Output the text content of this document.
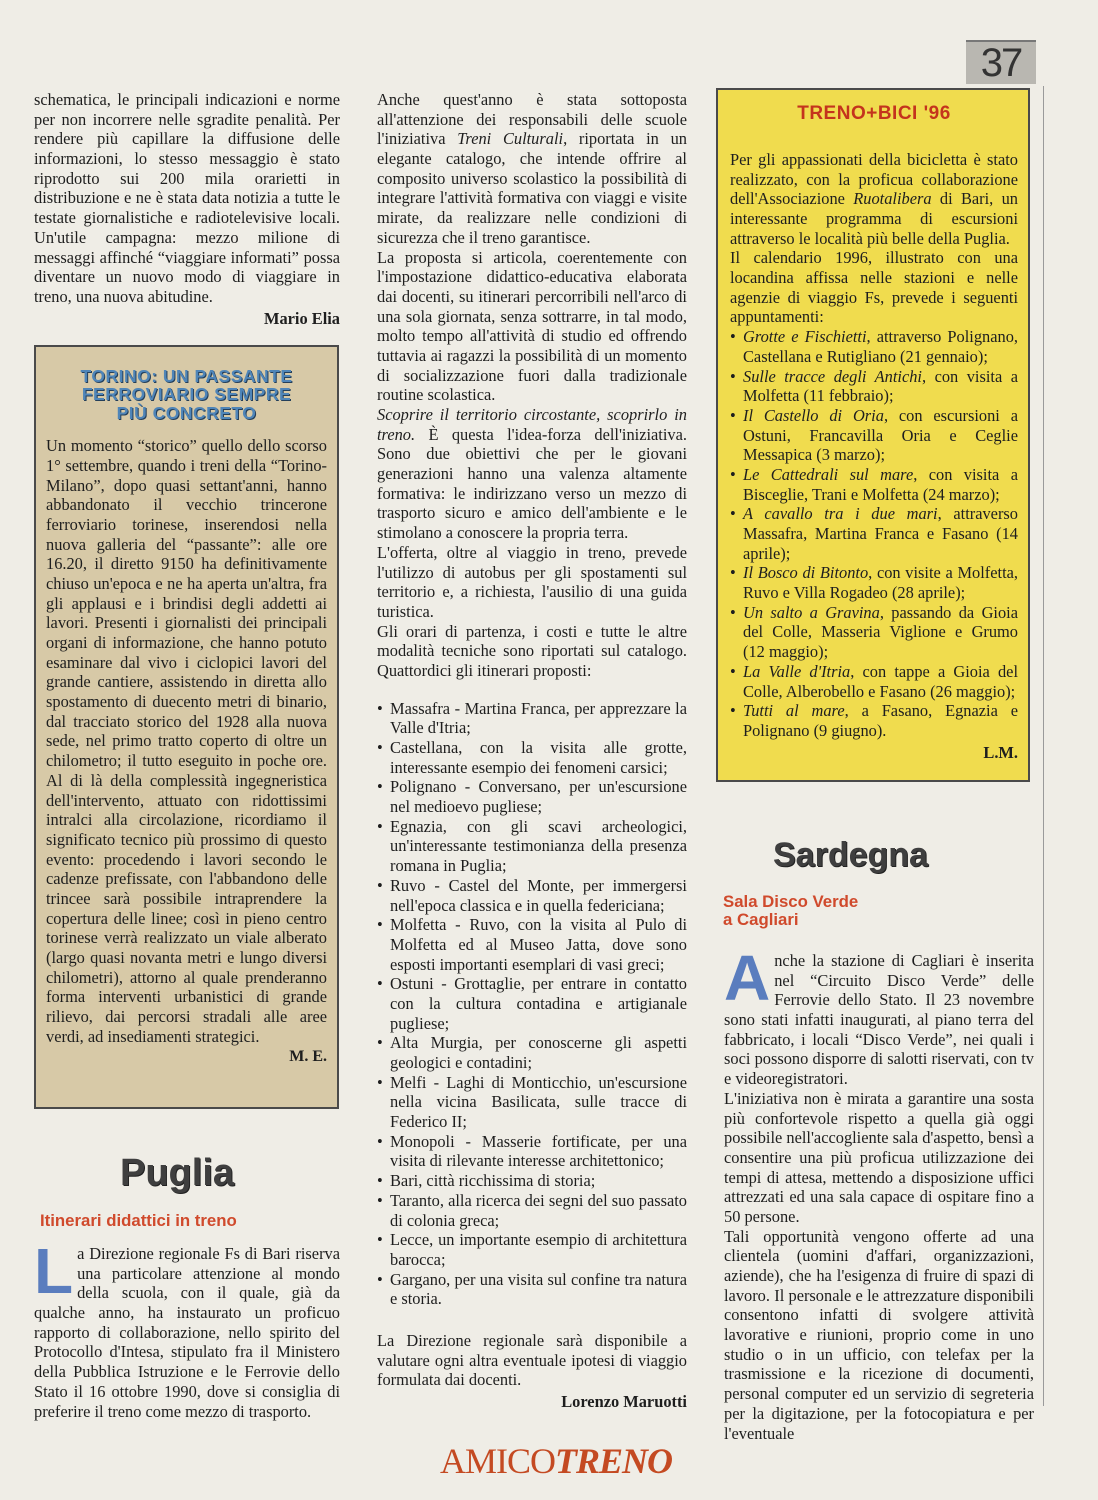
37

schematica, le principali indicazioni e norme per non incorrere nelle sgradite penalità. Per rendere più capillare la diffusione delle informazioni, lo stesso messaggio è stato riprodotto sui 200 mila orarietti in distribuzione e ne è stata data notizia a tutte le testate giornalistiche e radiotelevisive locali. Un'utile campagna: mezzo milione di messaggi affinché “viaggiare informati” possa diventare un nuovo modo di viaggiare in treno, una nuova abitudine.

Mario Elia
TORINO: UN PASSANTE
FERROVIARIO SEMPRE
PIÙ CONCRETO

Un momento “storico” quello dello scorso 1° settembre, quando i treni della “Torino-Milano”, dopo quasi settant'anni, hanno abbandonato il vecchio trincerone ferroviario torinese, inserendosi nella nuova galleria del “passante”: alle ore 16.20, il diretto 9150 ha definitivamente chiuso un'epoca e ne ha aperta un'altra, fra gli applausi e i brindisi degli addetti ai lavori. Presenti i giornalisti dei principali organi di informazione, che hanno potuto esaminare dal vivo i ciclopici lavori del grande cantiere, assistendo in diretta allo spostamento di duecento metri di binario, dal tracciato storico del 1928 alla nuova sede, nel primo tratto coperto di oltre un chilometro; il tutto eseguito in poche ore. Al di là della complessità ingegneristica dell'intervento, attuato con ridottissimi intralci alla circolazione, ricordiamo il significato tecnico più prossimo di questo evento: procedendo i lavori secondo le cadenze prefissate, con l'abbandono delle trincee sarà possibile intraprendere la copertura delle linee; così in pieno centro torinese verrà realizzato un viale alberato (largo quasi novanta metri e lungo diversi chilometri), attorno al quale prenderanno forma interventi urbanistici di grande rilievo, dai percorsi stradali alle aree verdi, ad insediamenti strategici.

M. E.
Puglia
Itinerari didattici in treno

La Direzione regionale Fs di Bari riserva una particolare attenzione al mondo della scuola, con il quale, già da qualche anno, ha instaurato un proficuo rapporto di collaborazione, nello spirito del Protocollo d'Intesa, stipulato fra il Ministero della Pubblica Istruzione e le Ferrovie dello Stato il 16 ottobre 1990, dove si consiglia di preferire il treno come mezzo di trasporto.

Anche quest'anno è stata sottoposta all'attenzione dei responsabili delle scuole l'iniziativa Treni Culturali, riportata in un elegante catalogo, che intende offrire al composito universo scolastico la possibilità di integrare l'attività formativa con viaggi e visite mirate, da realizzare nelle condizioni di sicurezza che il treno garantisce.

La proposta si articola, coerentemente con l'impostazione didattico-educativa elaborata dai docenti, su itinerari percorribili nell'arco di una sola giornata, senza sottrarre, in tal modo, molto tempo all'attività di studio ed offrendo tuttavia ai ragazzi la possibilità di un momento di socializzazione fuori dalla tradizionale routine scolastica.

Scoprire il territorio circostante, scoprirlo in treno. È questa l'idea-forza dell'iniziativa. Sono due obiettivi che per le giovani generazioni hanno una valenza altamente formativa: le indirizzano verso un mezzo di trasporto sicuro e amico dell'ambiente e le stimolano a conoscere la propria terra.

L'offerta, oltre al viaggio in treno, prevede l'utilizzo di autobus per gli spostamenti sul territorio e, a richiesta, l'ausilio di una guida turistica.

Gli orari di partenza, i costi e tutte le altre modalità tecniche sono riportati sul catalogo. Quattordici gli itinerari proposti:

• Massafra - Martina Franca, per apprezzare la Valle d'Itria;
• Castellana, con la visita alle grotte, interessante esempio dei fenomeni carsici;
• Polignano - Conversano, per un'escursione nel medioevo pugliese;
• Egnazia, con gli scavi archeologici, un'interessante testimonianza della presenza romana in Puglia;
• Ruvo - Castel del Monte, per immergersi nell'epoca classica e in quella federiciana;
• Molfetta - Ruvo, con la visita al Pulo di Molfetta ed al Museo Jatta, dove sono esposti importanti esemplari di vasi greci;
• Ostuni - Grottaglie, per entrare in contatto con la cultura contadina e artigianale pugliese;
• Alta Murgia, per conoscerne gli aspetti geologici e contadini;
• Melfi - Laghi di Monticchio, un'escursione nella vicina Basilicata, sulle tracce di Federico II;
• Monopoli - Masserie fortificate, per una visita di rilevante interesse architettonico;
• Bari, città ricchissima di storia;
• Taranto, alla ricerca dei segni del suo passato di colonia greca;
• Lecce, un importante esempio di architettura barocca;
• Gargano, per una visita sul confine tra natura e storia.

La Direzione regionale sarà disponibile a valutare ogni altra eventuale ipotesi di viaggio formulata dai docenti.

Lorenzo Maruotti
TRENO+BICI '96

Per gli appassionati della bicicletta è stato realizzato, con la proficua collaborazione dell'Associazione Ruotalibera di Bari, un interessante programma di escursioni attraverso le località più belle della Puglia.

Il calendario 1996, illustrato con una locandina affissa nelle stazioni e nelle agenzie di viaggio Fs, prevede i seguenti appuntamenti:

• Grotte e Fischietti, attraverso Polignano, Castellana e Rutigliano (21 gennaio);
• Sulle tracce degli Antichi, con visita a Molfetta (11 febbraio);
• Il Castello di Oria, con escursioni a Ostuni, Francavilla Oria e Ceglie Messapica (3 marzo);
• Le Cattedrali sul mare, con visita a Bisceglie, Trani e Molfetta (24 marzo);
• A cavallo tra i due mari, attraverso Massafra, Martina Franca e Fasano (14 aprile);
• Il Bosco di Bitonto, con visite a Molfetta, Ruvo e Villa Rogadeo (28 aprile);
• Un salto a Gravina, passando da Gioia del Colle, Masseria Viglione e Grumo (12 maggio);
• La Valle d'Itria, con tappe a Gioia del Colle, Alberobello e Fasano (26 maggio);
• Tutti al mare, a Fasano, Egnazia e Polignano (9 giugno).
L.M.
Sardegna
Sala Disco Verde
a Cagliari

Anche la stazione di Cagliari è inserita nel “Circuito Disco Verde” delle Ferrovie dello Stato. Il 23 novembre sono stati infatti inaugurati, al piano terra del fabbricato, i locali “Disco Verde”, nei quali i soci possono disporre di salotti riservati, con tv e videoregistratori.

L'iniziativa non è mirata a garantire una sosta più confortevole rispetto a quella già oggi possibile nell'accogliente sala d'aspetto, bensì a consentire una più proficua utilizzazione dei tempi di attesa, mettendo a disposizione uffici attrezzati ed una sala capace di ospitare fino a 50 persone.

Tali opportunità vengono offerte ad una clientela (uomini d'affari, organizzazioni, aziende), che ha l'esigenza di fruire di spazi di lavoro. Il personale e le attrezzature disponibili consentono infatti di svolgere attività lavorative e riunioni, proprio come in uno studio o in un ufficio, con telefax per la trasmissione e la ricezione di documenti, personal computer ed un servizio di segreteria per la digitazione, per la fotocopiatura e per l'eventuale

AMICOTRENO
